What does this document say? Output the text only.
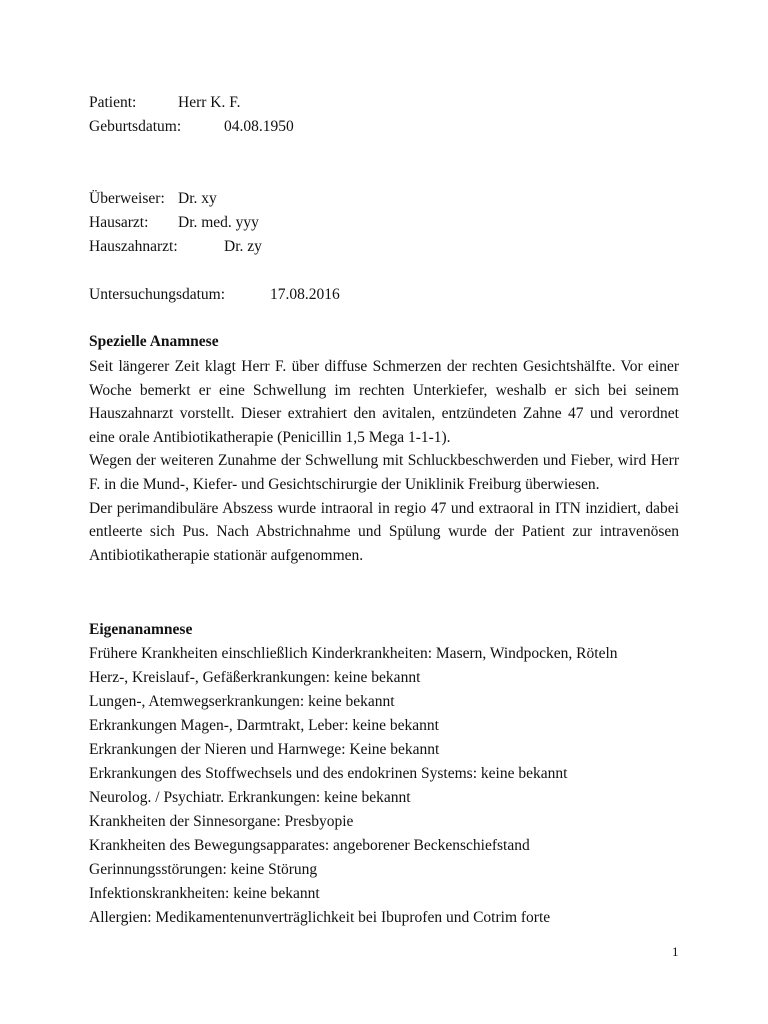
Patient:	Herr K. F.
Geburtsdatum:	04.08.1950
Überweiser: Dr. xy
Hausarzt: Dr. med. yyy
Hauszahnarzt:	Dr. zy
Untersuchungsdatum:	17.08.2016
Spezielle Anamnese

Seit längerer Zeit klagt Herr F. über diffuse Schmerzen der rechten Gesichtshälfte. Vor einer Woche bemerkt er eine Schwellung im rechten Unterkiefer, weshalb er sich bei seinem Hauszahnarzt vorstellt. Dieser extrahiert den avitalen, entzündeten Zahne 47 und verordnet eine orale Antibiotikatherapie (Penicillin 1,5 Mega 1-1-1).

Wegen der weiteren Zunahme der Schwellung mit Schluckbeschwerden und Fieber, wird Herr F. in die Mund-, Kiefer- und Gesichtschirurgie der Uniklinik Freiburg überwiesen.

Der perimandibuläre Abszess wurde intraoral in regio 47 und extraoral in ITN inzidiert, dabei entleerte sich Pus. Nach Abstrichnahme und Spülung wurde der Patient zur intravenösen Antibiotikatherapie stationär aufgenommen.

Eigenanamnese
Frühere Krankheiten einschließlich Kinderkrankheiten: Masern, Windpocken, Röteln
Herz-, Kreislauf-, Gefäßerkrankungen: keine bekannt
Lungen-, Atemwegserkrankungen: keine bekannt
Erkrankungen Magen-, Darmtrakt, Leber: keine bekannt
Erkrankungen der Nieren und Harnwege: Keine bekannt
Erkrankungen des Stoffwechsels und des endokrinen Systems: keine bekannt
Neurolog. / Psychiatr. Erkrankungen: keine bekannt
Krankheiten der Sinnesorgane: Presbyopie
Krankheiten des Bewegungsapparates: angeborener Beckenschiefstand
Gerinnungsstörungen: keine Störung
Infektionskrankheiten: keine bekannt
Allergien: Medikamentenunverträglichkeit bei Ibuprofen und Cotrim forte
1
